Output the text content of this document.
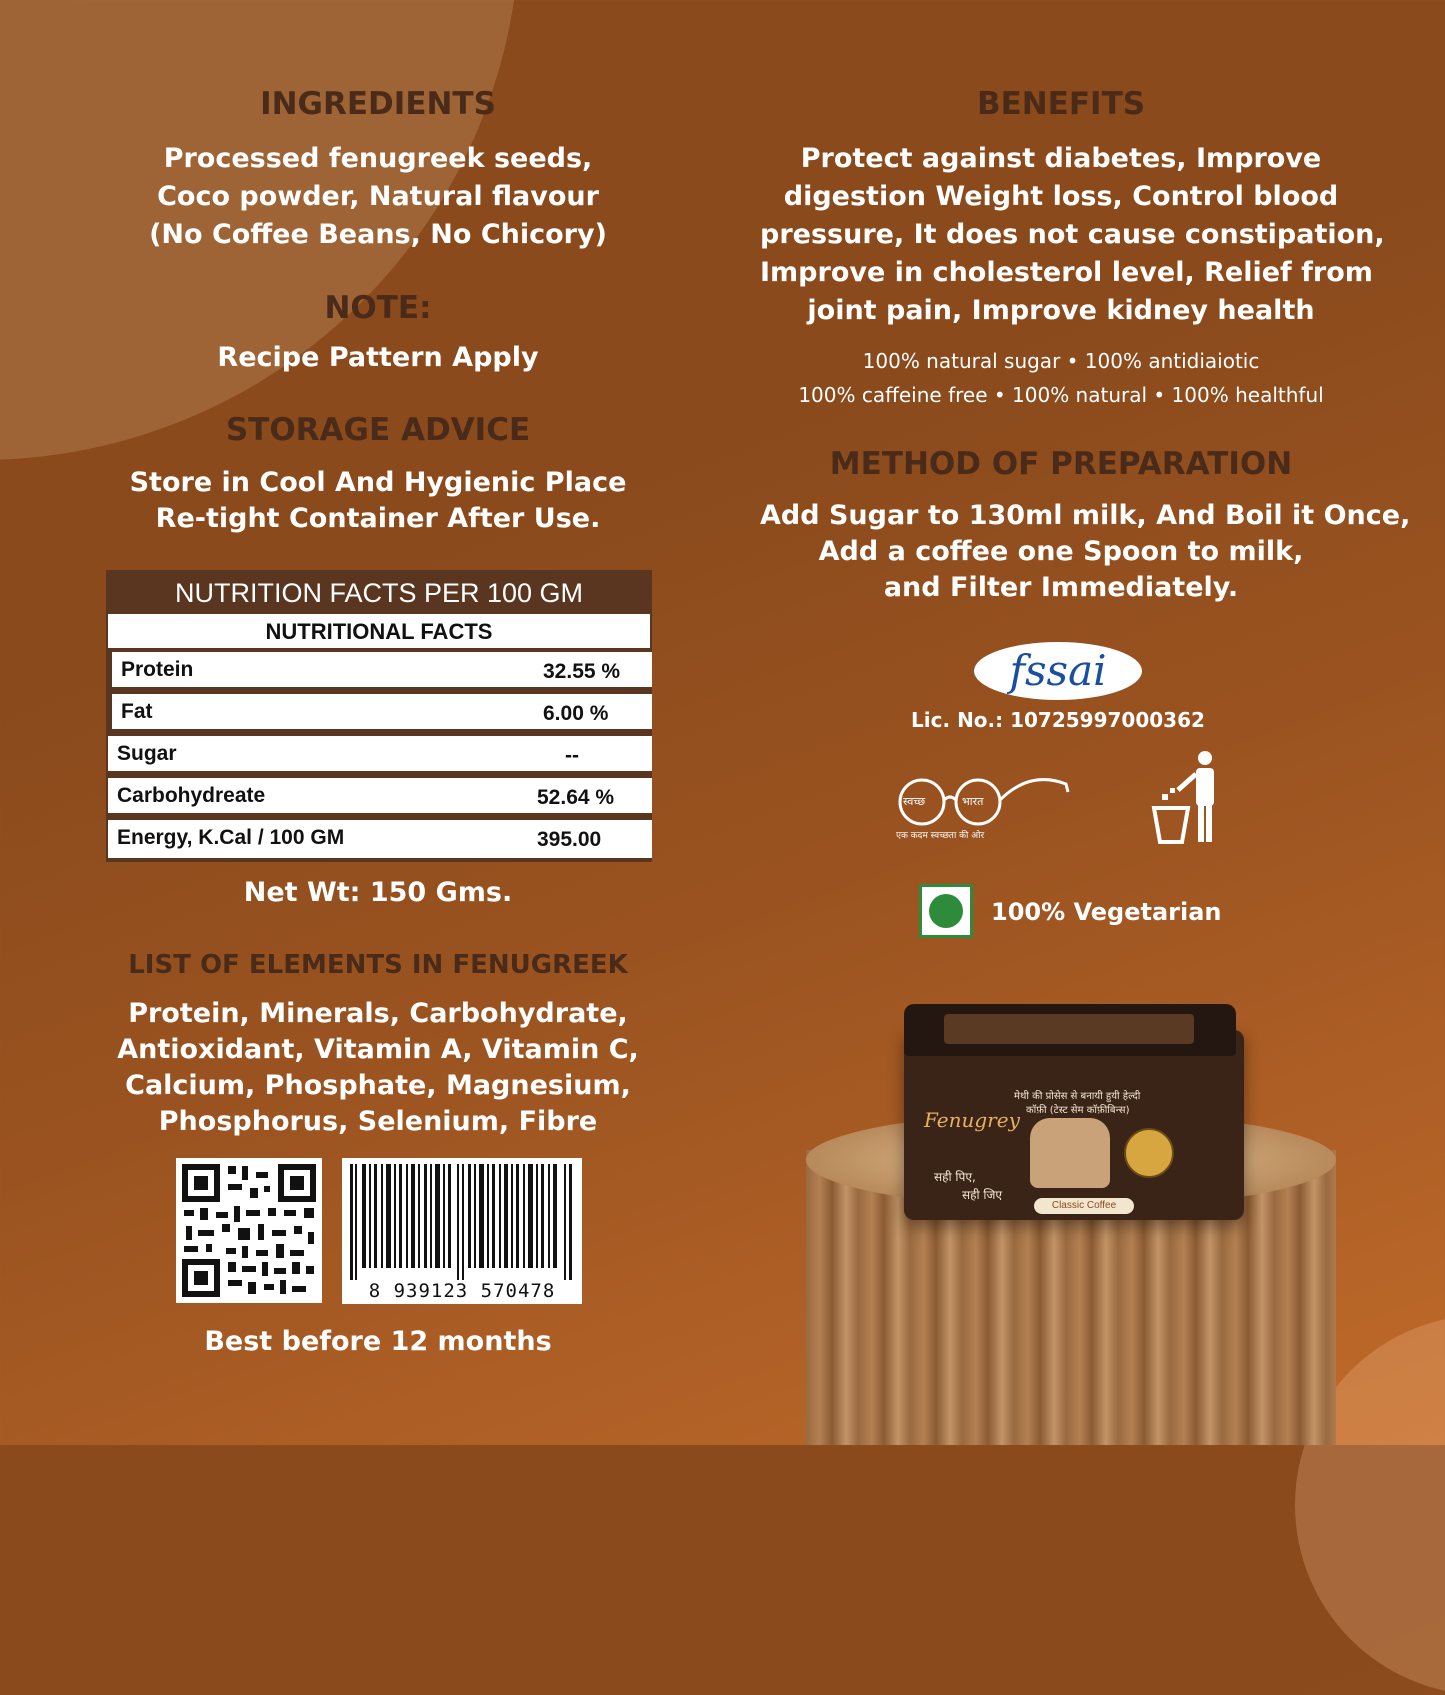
INGREDIENTS
Processed fenugreek seeds,
Coco powder, Natural flavour
(No Coffee Beans, No Chicory)
NOTE:
Recipe Pattern Apply
STORAGE ADVICE
Store in Cool And Hygienic Place
Re-tight Container After Use.
NUTRITION FACTS PER 100 GM
NUTRITIONAL FACTS
Protein	32.55 %
Fat	6.00 %
Sugar	--
Carbohydreate	52.64 %
Energy, K.Cal / 100 GM	395.00
Net Wt: 150 Gms.
LIST OF ELEMENTS IN FENUGREEK
Protein, Minerals, Carbohydrate,
Antioxidant, Vitamin A, Vitamin C,
Calcium, Phosphate, Magnesium,
Phosphorus, Selenium, Fibre
8 939123 570478
Best before 12 months
BENEFITS
Protect against diabetes, Improve
digestion Weight loss, Control blood
pressure, It does not cause constipation,
Improve in cholesterol level, Relief from
joint pain, Improve kidney health
100% natural sugar • 100% antidiaiotic
100% caffeine free • 100% natural • 100% healthful
METHOD OF PREPARATION
Add Sugar to 130ml milk, And Boil it Once,
Add a coffee one Spoon to milk,
and Filter Immediately.
fssai
Lic. No.: 10725997000362
स्वच्छ	भारत
एक कदम स्वच्छता की ओर
100% Vegetarian
Fenugrey
मेथी की प्रोसेस से बनायी हुयी हेल्दी
कॉफ़ी (टेस्ट सेम कॉफ़ीबिन्स)
सही पिए,
सही जिए
Classic Coffee
